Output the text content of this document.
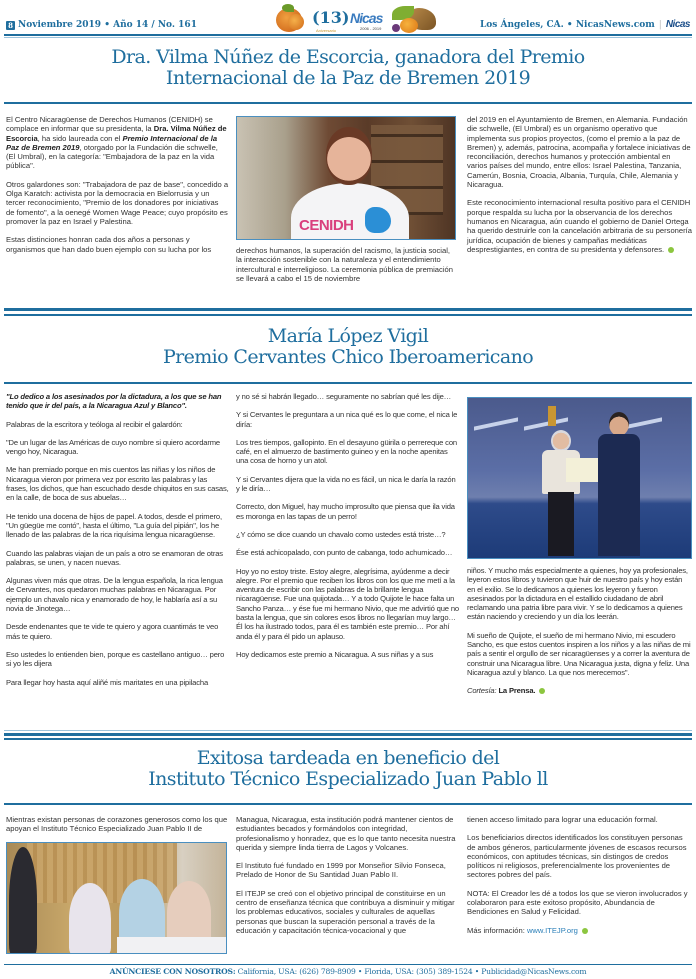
8 Noviembre 2019 • Año 14 / No. 161	(13)
Aniversario
Nicas
2006 - 2019	Los Ángeles, CA. • NicasNews.com | Nicas
Dra. Vilma Núñez de Escorcia, ganadora del Premio
Internacional de la Paz de Bremen 2019

El Centro Nicaragüense de Derechos Humanos (CENIDH) se complace en informar que su presidenta, la Dra. Vilma Núñez de Escorcia, ha sido laureada con el Premio Internacional de la Paz de Bremen 2019, otorgado por la Fundación die schwelle, (El Umbral), en la categoría: "Embajadora de la paz en la vida pública".

Otros galardones son: "Trabajadora de paz de base", concedido a Olga Karatch: activista por la democracia en Bielorrusia y un tercer reconocimiento, "Premio de los donadores por iniciativas de fomento", a la oenegé Women Wage Peace; cuyo propósito es promover la paz en Israel y Palestina.

Estas distinciones honran cada dos años a personas y organismos que han dado buen ejemplo con su lucha por los

CENIDH

derechos humanos, la superación del racismo, la justicia social, la interacción sostenible con la naturaleza y el entendimiento intercultural e interreligioso. La ceremonia pública de premiación se llevará a cabo el 15 de noviembre

del 2019 en el Ayuntamiento de Bremen, en Alemania. Fundación die schwelle, (El Umbral) es un organismo operativo que implementa sus propios proyectos, (como el premio a la paz de Bremen) y, además, patrocina, acompaña y fortalece iniciativas de reconciliación, derechos humanos y protección ambiental en varios países del mundo, entre ellos: Israel Palestina, Tanzania, Camerún, Bosnia, Croacia, Albania, Turquía, Chile, Alemania y Nicaragua.

Este reconocimiento internacional resulta positivo para el CENIDH porque respalda su lucha por la observancia de los derechos humanos en Nicaragua, aún cuando el gobierno de Daniel Ortega ha querido destruirle con la cancelación arbitraria de su personería jurídica, ocupación de bienes y campañas mediáticas desprestigiantes, en contra de su presidenta y defensores.

María López Vigil
Premio Cervantes Chico Iberoamericano

"Lo dedico a los asesinados por la dictadura, a los que se han tenido que ir del país, a la Nicaragua Azul y Blanco".

Palabras de la escritora y teóloga al recibir el galardón:

"De un lugar de las Américas de cuyo nombre si quiero acordarme vengo hoy, Nicaragua.

Me han premiado porque en mis cuentos las niñas y los niños de Nicaragua vieron por primera vez por escrito las palabras y las frases, los dichos, que han escuchado desde chiquitos en sus casas, en la calle, de boca de sus abuelas…

He tenido una docena de hijos de papel. A todos, desde el primero, "Un güegüe me contó", hasta el último, "La guía del pipián", los he llenado de las palabras de la rica riquísima lengua nicaragüense.

Cuando las palabras viajan de un país a otro se enamoran de otras palabras, se unen, y nacen nuevas.

Algunas viven más que otras. De la lengua española, la rica lengua de Cervantes, nos quedaron muchas palabras en Nicaragua. Por ejemplo un chavalo nica y enamorado de hoy, le hablaría así a su novia de Jinotega…

Desde endenantes que te vide te quiero y agora cuantimás te veo más te quiero.

Eso ustedes lo entienden bien, porque es castellano antiguo… pero si yo les dijera

Para llegar hoy hasta aquí aliñé mis maritates en una pipilacha

y no sé si habrán llegado… seguramente no sabrían qué les dije…

Y si Cervantes le preguntara a un nica qué es lo que come, el nica le diría:

Los tres tiempos, gallopinto. En el desayuno güirila o perrereque con café, en el almuerzo de bastimento guineo y en la noche apenitas una cosa de horno y un atol.

Y si Cervantes dijera que la vida no es fácil, un nica le daría la razón y le diría…

Correcto, don Miguel, hay mucho improsulto que piensa que ila vida es moronga en las tapas de un perro!

¿Y cómo se dice cuando un chavalo como ustedes está triste…?

Ése está achicopalado, con punto de cabanga, todo achumicado…

Hoy yo no estoy triste. Estoy alegre, alegrísima, ayúdenme a decir alegre. Por el premio que reciben los libros con los que me metí a la aventura de escribir con las palabras de la brillante lengua nicaragüense. Fue una quijotada… Y a todo Quijote le hace falta un Sancho Panza… y ése fue mi hermano Nivio, que me advirtió que no basta la lengua, que sin colores esos libros no llegarían muy largo…Él los ha ilustrado todos, para él es también este premio… Por ahí anda él y para él pido un aplauso.

Hoy dedicamos este premio a Nicaragua. A sus niñas y a sus

niños. Y mucho más especialmente a quienes, hoy ya profesionales, leyeron estos libros y tuvieron que huir de nuestro país y hoy están en el exilio. Se lo dedicamos a quienes los leyeron y fueron asesinados por la dictadura en el estallido ciudadano de abril reclamando una patria libre para vivir. Y se lo dedicamos a quienes están naciendo y creciendo y un día los leerán.

Mi sueño de Quijote, el sueño de mi hermano Nivio, mi escudero Sancho, es que estos cuentos inspiren a los niños y a las niñas de mi país a sentir el orgullo de ser nicaragüenses y a correr la aventura de construir una Nicaragua libre. Una Nicaragua justa, digna y feliz. Una Nicaragua azul y blanco. La que nos merecemos".

Cortesía: La Prensa.

Exitosa tardeada en beneficio del
Instituto Técnico Especializado Juan Pablo ll

Mientras existan personas de corazones generosos como los que apoyan el Instituto Técnico Especializado Juan Pablo II de

Managua, Nicaragua, esta institución podrá mantener cientos de estudiantes becados y formándolos con integridad, profesionalismo y honradez, que es lo que tanto necesita nuestra querida y siempre linda tierra de Lagos y Volcanes.

El Instituto fué fundado en 1999 por Monseñor Silvio Fonseca, Prelado de Honor de Su Santidad Juan Pablo II.

El ITEJP se creó con el objetivo principal de constituirse en un centro de enseñanza técnica que contribuya a disminuir y mitigar los problemas educativos, sociales y culturales de aquellas personas que buscan la superación personal a través de la educación y capacitación técnica-vocacional y que

tienen acceso limitado para lograr una educación formal.

Los beneficiarios directos identificados los constituyen personas de ambos géneros, particularmente jóvenes de escasos recursos económicos, con aptitudes técnicas, sin distingos de credos políticos ni religiosos, preferencialmente los provenientes de sectores pobres del país.

NOTA: El Creador les dé a todos los que se vieron involucrados y colaboraron para este exitoso propósito, Abundancia de Bendiciones en Salud y Felicidad.

Más información: www.ITEJP.org

ANÚNCIESE CON NOSOTROS: California, USA: (626) 789-8909 • Florida, USA: (305) 389-1524 • Publicidad@NicasNews.com
